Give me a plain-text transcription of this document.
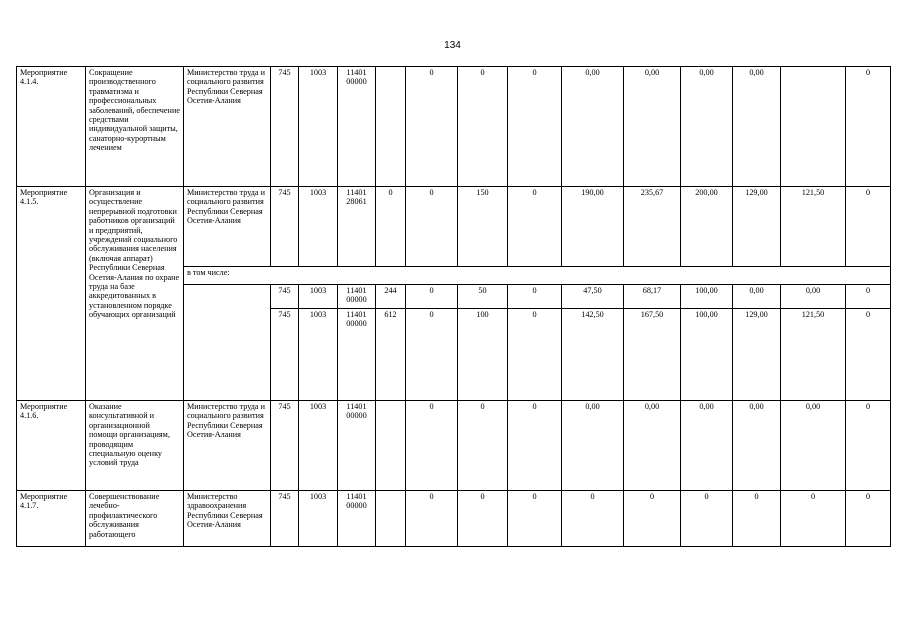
134
Мероприятие 4.1.4.	Сокращение производственного травматизма и профессиональных заболеваний, обеспечение средствами индивидуальной защиты, санаторно-курортным лечением	Министерство труда и социального развития Республики Северная Осетия-Алания	745	1003	11401 00000		0	0	0	0,00	0,00	0,00	0,00		0
Мероприятие 4.1.5.	Организация и осуществление непрерывной подготовки работников организаций и предприятий, учреждений социального обслуживания населения (включая аппарат) Республики Северная Осетия-Алания по охране труда на базе аккредитованных в установленном порядке обучающих организаций	Министерство труда и социального развития Республики Северная Осетия-Алания	745	1003	11401 28061	0	0	150	0	190,00	235,67	200,00	129,00	121,50	0
		в том числе:													
			745	1003	11401 00000	244	0	50	0	47,50	68,17	100,00	0,00	0,00	0
			745	1003	11401 00000	612	0	100	0	142,50	167,50	100,00	129,00	121,50	0
Мероприятие 4.1.6.	Оказание консультативной и организационной помощи организациям, проводящим специальную оценку условий труда	Министерство труда и социального развития Республики Северная Осетия-Алания	745	1003	11401 00000		0	0	0	0,00	0,00	0,00	0,00	0,00	0
Мероприятие 4.1.7.	Совершенствование лечебно-профилактического обслуживания работающего	Министерство здравоохранения Республики Северная Осетия-Алания	745	1003	11401 00000		0	0	0	0	0	0	0	0	0
